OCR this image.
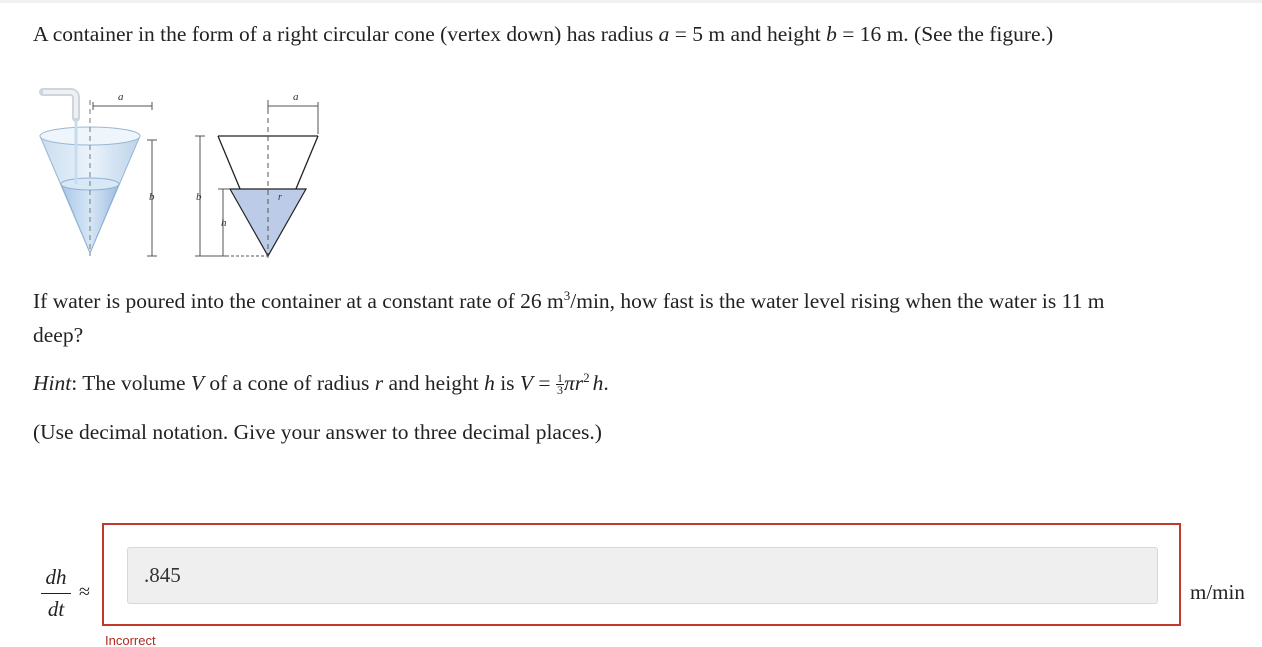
A container in the form of a right circular cone (vertex down) has radius a = 5 m and height b = 16 m. (See the figure.)

a
b
a
b
h
r

If water is poured into the container at a constant rate of 26 $m^3/\min$, how fast is the water level rising when the water is 11 m

deep?

Hint: The volume V of a cone of radius r and height h is $V = \frac{1}{3} \pi r^2$ h.

(Use decimal notation. Give your answer to three decimal places.)

$\frac{dh}{dt}$ ≈
.845	m/min
Incorrect
